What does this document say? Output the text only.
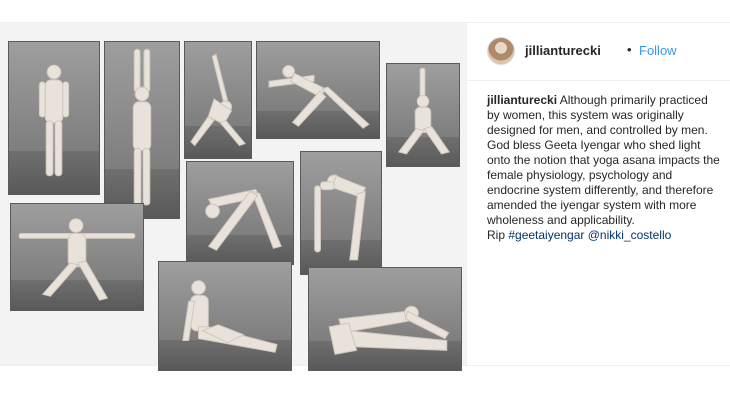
jillianturecki • Follow
jillianturecki Although primarily practiced by women, this system was originally designed for men, and controlled by men. God bless Geeta Iyengar who shed light onto the notion that yoga asana impacts the female physiology, psychology and endocrine system differently, and therefore amended the iyengar system with more wholeness and applicability.
Rip #geetaiyengar @nikki_costello
